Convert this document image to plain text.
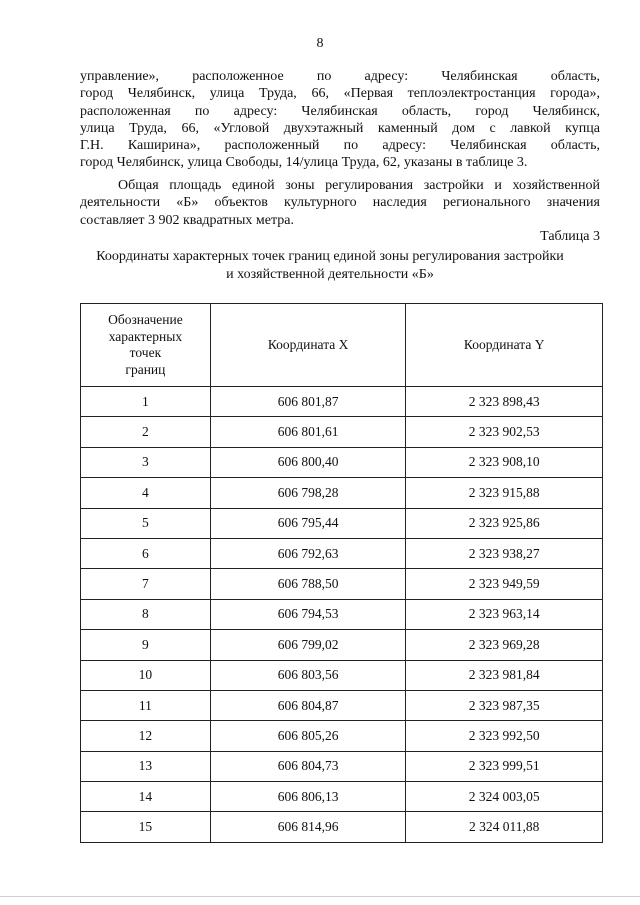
8
управление», расположенное по адресу: Челябинская область,
город Челябинск, улица Труда, 66, «Первая теплоэлектростанция города»,
расположенная по адресу: Челябинская область, город Челябинск,
улица Труда, 66, «Угловой двухэтажный каменный дом с лавкой купца
Г.Н. Каширина», расположенный по адресу: Челябинская область,
город Челябинск, улица Свободы, 14/улица Труда, 62, указаны в таблице 3.
Общая площадь единой зоны регулирования застройки и хозяйственной
деятельности «Б» объектов культурного наследия регионального значения
составляет 3 902 квадратных метра.
Таблица 3
Координаты характерных точек границ единой зоны регулирования застройки
и хозяйственной деятельности «Б»
Обозначение
характерных
точек
границ	Координата X	Координата Y
1	606 801,87	2 323 898,43
2	606 801,61	2 323 902,53
3	606 800,40	2 323 908,10
4	606 798,28	2 323 915,88
5	606 795,44	2 323 925,86
6	606 792,63	2 323 938,27
7	606 788,50	2 323 949,59
8	606 794,53	2 323 963,14
9	606 799,02	2 323 969,28
10	606 803,56	2 323 981,84
11	606 804,87	2 323 987,35
12	606 805,26	2 323 992,50
13	606 804,73	2 323 999,51
14	606 806,13	2 324 003,05
15	606 814,96	2 324 011,88
